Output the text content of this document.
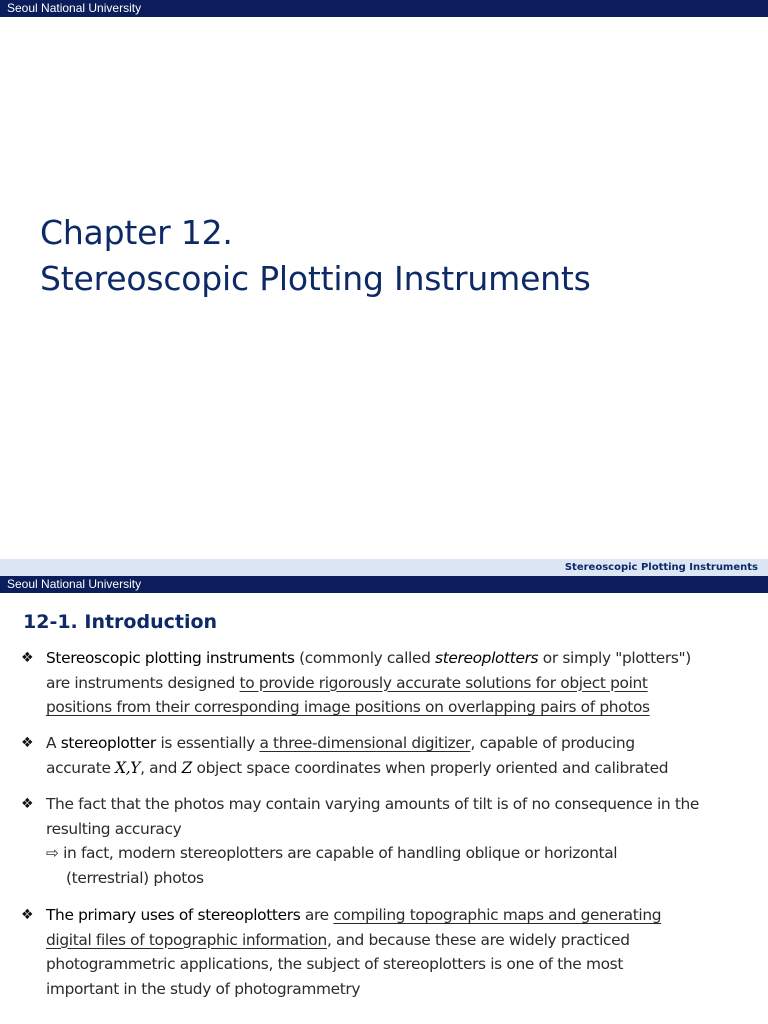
Seoul National University
Chapter 12.
Stereoscopic Plotting Instruments
Stereoscopic Plotting Instruments
Seoul National University
12-1. Introduction
❖ Stereoscopic plotting instruments (commonly called stereoplotters or simply "plotters")
are instruments designed to provide rigorously accurate solutions for object point
positions from their corresponding image positions on overlapping pairs of photos
❖ A stereoplotter is essentially a three-dimensional digitizer, capable of producing
accurate X,Y, and Z object space coordinates when properly oriented and calibrated
❖ The fact that the photos may contain varying amounts of tilt is of no consequence in the
resulting accuracy
⇨ in fact, modern stereoplotters are capable of handling oblique or horizontal
(terrestrial) photos
❖ The primary uses of stereoplotters are compiling topographic maps and generating
digital files of topographic information, and because these are widely practiced
photogrammetric applications, the subject of stereoplotters is one of the most
important in the study of photogrammetry
